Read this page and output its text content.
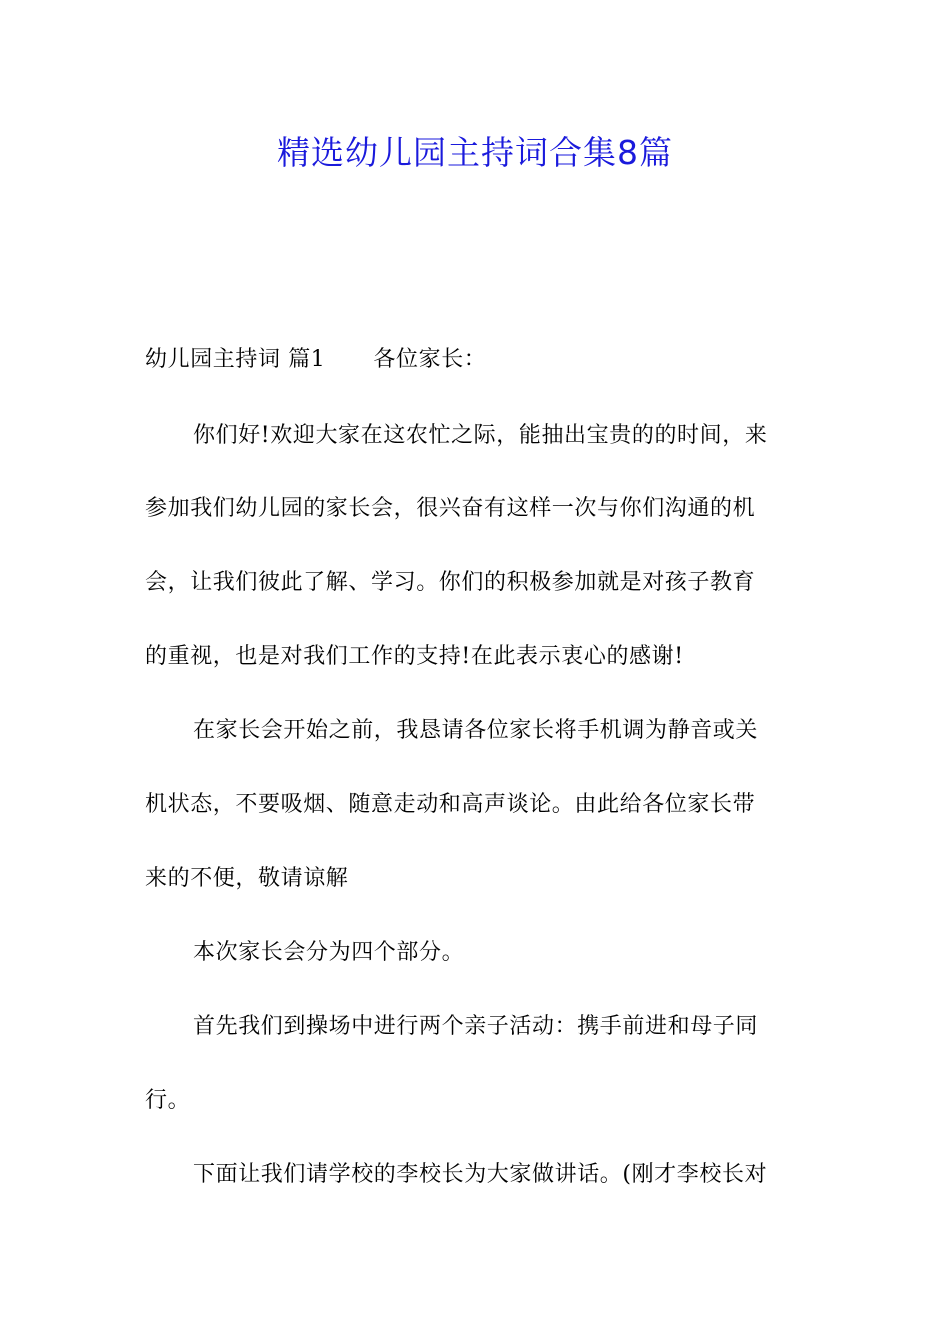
精选幼儿园主持词合集8篇
幼儿园主持词 篇1 各位家长：
你们好!欢迎大家在这农忙之际，能抽出宝贵的的时间，来
参加我们幼儿园的家长会，很兴奋有这样一次与你们沟通的机
会，让我们彼此了解、学习。你们的积极参加就是对孩子教育
的重视，也是对我们工作的支持!在此表示衷心的感谢!
在家长会开始之前，我恳请各位家长将手机调为静音或关
机状态，不要吸烟、随意走动和高声谈论。由此给各位家长带
来的不便，敬请谅解
本次家长会分为四个部分。
首先我们到操场中进行两个亲子活动：携手前进和母子同
行。
下面让我们请学校的李校长为大家做讲话。(刚才李校长对
